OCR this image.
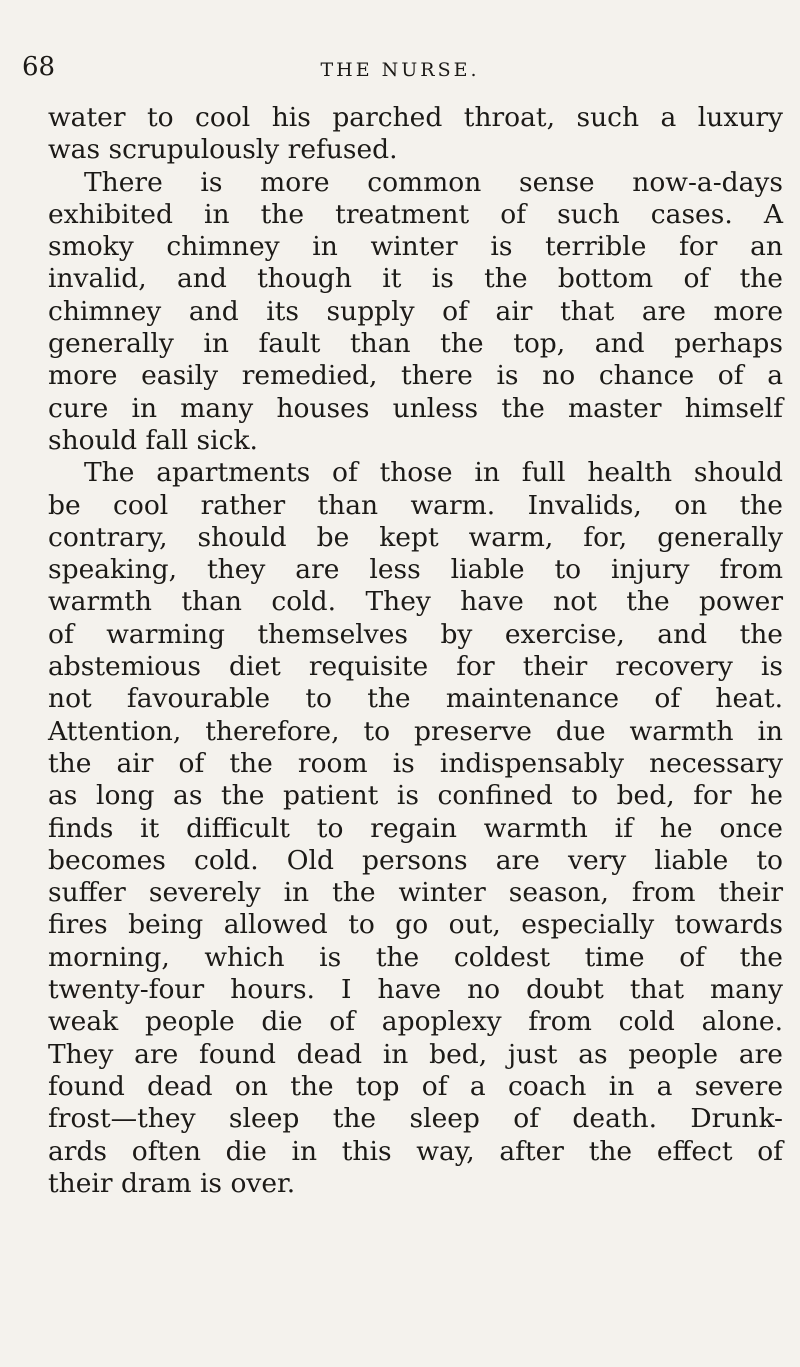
68	THE NURSE.
water to cool his parched throat, such a luxury
was scrupulously refused.
There is more common sense now-a-days
exhibited in the treatment of such cases. A
smoky chimney in winter is terrible for an
invalid, and though it is the bottom of the
chimney and its supply of air that are more
generally in fault than the top, and perhaps
more easily remedied, there is no chance of a
cure in many houses unless the master himself
should fall sick.
The apartments of those in full health should
be cool rather than warm. Invalids, on the
contrary, should be kept warm, for, generally
speaking, they are less liable to injury from
warmth than cold. They have not the power
of warming themselves by exercise, and the
abstemious diet requisite for their recovery is
not favourable to the maintenance of heat.
Attention, therefore, to preserve due warmth in
the air of the room is indispensably necessary
as long as the patient is confined to bed, for he
finds it difficult to regain warmth if he once
becomes cold. Old persons are very liable to
suffer severely in the winter season, from their
fires being allowed to go out, especially towards
morning, which is the coldest time of the
twenty-four hours. I have no doubt that many
weak people die of apoplexy from cold alone.
They are found dead in bed, just as people are
found dead on the top of a coach in a severe
frost—they sleep the sleep of death. Drunk-
ards often die in this way, after the effect of
their dram is over.
